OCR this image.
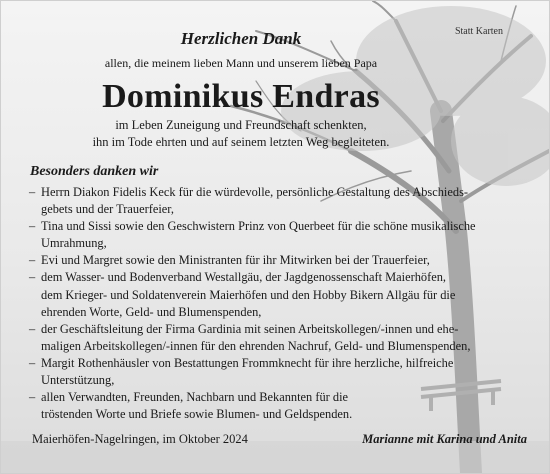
Statt Karten
Herzlichen Dank
allen, die meinem lieben Mann und unserem lieben Papa
Dominikus Endras
im Leben Zuneigung und Freundschaft schenkten,
ihn im Tode ehrten und auf seinem letzten Weg begleiteten.
Besonders danken wir
– Herrn Diakon Fidelis Keck für die würdevolle, persönliche Gestaltung des Abschieds-
gebets und der Trauerfeier,
– Tina und Sissi sowie den Geschwistern Prinz von Querbeet für die schöne musikalische
Umrahmung,
– Evi und Margret sowie den Ministranten für ihr Mitwirken bei der Trauerfeier,
– dem Wasser- und Bodenverband Westallgäu, der Jagdgenossenschaft Maierhöfen,
dem Krieger- und Soldatenverein Maierhöfen und den Hobby Bikern Allgäu für die
ehrenden Worte, Geld- und Blumenspenden,
– der Geschäftsleitung der Firma Gardinia mit seinen Arbeitskollegen/-innen und ehe-
maligen Arbeitskollegen/-innen für den ehrenden Nachruf, Geld- und Blumenspenden,
– Margit Rothenhäusler von Bestattungen Frommknecht für ihre herzliche, hilfreiche
Unterstützung,
– allen Verwandten, Freunden, Nachbarn und Bekannten für die
tröstenden Worte und Briefe sowie Blumen- und Geldspenden.
Maierhöfen-Nagelringen, im Oktober 2024	Marianne mit Karina und Anita
